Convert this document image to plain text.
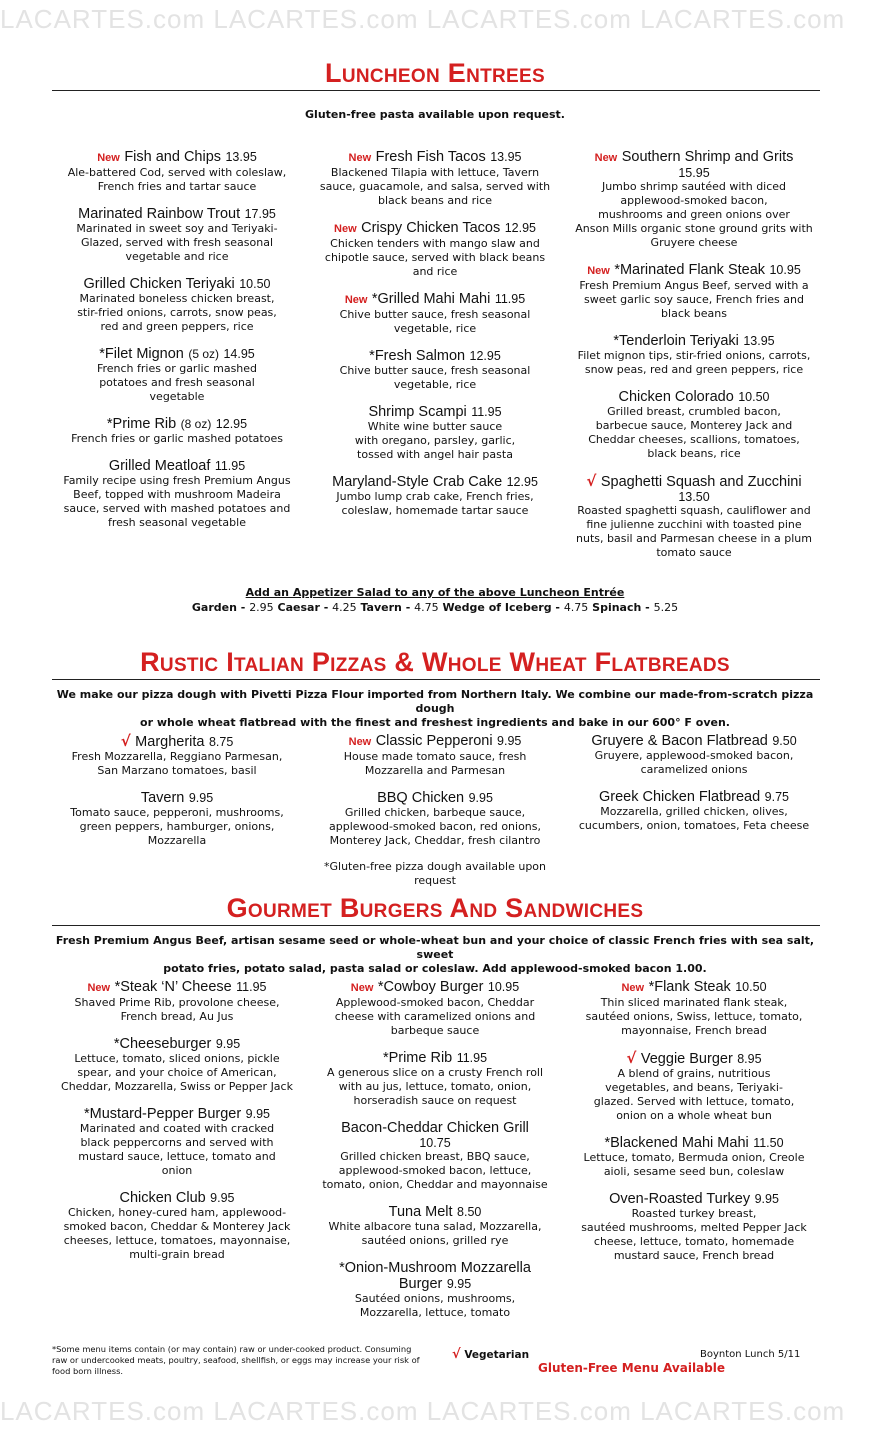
LACARTES.com LACARTES.com LACARTES.com LACARTES.com
Luncheon Entrees
Gluten-free pasta available upon request.
New Fish and Chips 13.95
Ale-battered Cod, served with coleslaw,
French fries and tartar sauce
Marinated Rainbow Trout 17.95
Marinated in sweet soy and Teriyaki-
Glazed, served with fresh seasonal
vegetable and rice
Grilled Chicken Teriyaki 10.50
Marinated boneless chicken breast,
stir-fried onions, carrots, snow peas,
red and green peppers, rice
*Filet Mignon (5 oz) 14.95
French fries or garlic mashed
potatoes and fresh seasonal
vegetable
*Prime Rib (8 oz) 12.95
French fries or garlic mashed potatoes
Grilled Meatloaf 11.95
Family recipe using fresh Premium Angus
Beef, topped with mushroom Madeira
sauce, served with mashed potatoes and
fresh seasonal vegetable
New Fresh Fish Tacos 13.95
Blackened Tilapia with lettuce, Tavern
sauce, guacamole, and salsa, served with
black beans and rice
New Crispy Chicken Tacos 12.95
Chicken tenders with mango slaw and
chipotle sauce, served with black beans
and rice
New *Grilled Mahi Mahi 11.95
Chive butter sauce, fresh seasonal
vegetable, rice
*Fresh Salmon 12.95
Chive butter sauce, fresh seasonal
vegetable, rice
Shrimp Scampi 11.95
White wine butter sauce
with oregano, parsley, garlic,
tossed with angel hair pasta
Maryland-Style Crab Cake 12.95
Jumbo lump crab cake, French fries,
coleslaw, homemade tartar sauce
New Southern Shrimp and Grits
15.95
Jumbo shrimp sautéed with diced
applewood-smoked bacon,
mushrooms and green onions over
Anson Mills organic stone ground grits with
Gruyere cheese
New *Marinated Flank Steak 10.95
Fresh Premium Angus Beef, served with a
sweet garlic soy sauce, French fries and
black beans
*Tenderloin Teriyaki 13.95
Filet mignon tips, stir-fried onions, carrots,
snow peas, red and green peppers, rice
Chicken Colorado 10.50
Grilled breast, crumbled bacon,
barbecue sauce, Monterey Jack and
Cheddar cheeses, scallions, tomatoes,
black beans, rice
√ Spaghetti Squash and Zucchini
13.50
Roasted spaghetti squash, cauliflower and
fine julienne zucchini with toasted pine
nuts, basil and Parmesan cheese in a plum
tomato sauce
Add an Appetizer Salad to any of the above Luncheon Entrée
Garden - 2.95 Caesar - 4.25 Tavern - 4.75 Wedge of Iceberg - 4.75 Spinach - 5.25
Rustic Italian Pizzas & Whole Wheat Flatbreads
We make our pizza dough with Pivetti Pizza Flour imported from Northern Italy. We combine our made-from-scratch pizza dough
or whole wheat flatbread with the finest and freshest ingredients and bake in our 600° F oven.
√ Margherita 8.75
Fresh Mozzarella, Reggiano Parmesan,
San Marzano tomatoes, basil
Tavern 9.95
Tomato sauce, pepperoni, mushrooms,
green peppers, hamburger, onions,
Mozzarella
New Classic Pepperoni 9.95
House made tomato sauce, fresh
Mozzarella and Parmesan
BBQ Chicken 9.95
Grilled chicken, barbeque sauce,
applewood-smoked bacon, red onions,
Monterey Jack, Cheddar, fresh cilantro
*Gluten-free pizza dough available upon
request
Gruyere & Bacon Flatbread 9.50
Gruyere, applewood-smoked bacon,
caramelized onions
Greek Chicken Flatbread 9.75
Mozzarella, grilled chicken, olives,
cucumbers, onion, tomatoes, Feta cheese
Gourmet Burgers And Sandwiches
Fresh Premium Angus Beef, artisan sesame seed or whole-wheat bun and your choice of classic French fries with sea salt, sweet
potato fries, potato salad, pasta salad or coleslaw. Add applewood-smoked bacon 1.00.
New *Steak ‘N’ Cheese 11.95
Shaved Prime Rib, provolone cheese,
French bread, Au Jus
*Cheeseburger 9.95
Lettuce, tomato, sliced onions, pickle
spear, and your choice of American,
Cheddar, Mozzarella, Swiss or Pepper Jack
*Mustard-Pepper Burger 9.95
Marinated and coated with cracked
black peppercorns and served with
mustard sauce, lettuce, tomato and
onion
Chicken Club 9.95
Chicken, honey-cured ham, applewood-
smoked bacon, Cheddar & Monterey Jack
cheeses, lettuce, tomatoes, mayonnaise,
multi-grain bread
New *Cowboy Burger 10.95
Applewood-smoked bacon, Cheddar
cheese with caramelized onions and
barbeque sauce
*Prime Rib 11.95
A generous slice on a crusty French roll
with au jus, lettuce, tomato, onion,
horseradish sauce on request
Bacon-Cheddar Chicken Grill
10.75
Grilled chicken breast, BBQ sauce,
applewood-smoked bacon, lettuce,
tomato, onion, Cheddar and mayonnaise
Tuna Melt 8.50
White albacore tuna salad, Mozzarella,
sautéed onions, grilled rye
*Onion-Mushroom Mozzarella
Burger 9.95
Sautéed onions, mushrooms,
Mozzarella, lettuce, tomato
New *Flank Steak 10.50
Thin sliced marinated flank steak,
sautéed onions, Swiss, lettuce, tomato,
mayonnaise, French bread
√ Veggie Burger 8.95
A blend of grains, nutritious
vegetables, and beans, Teriyaki-
glazed. Served with lettuce, tomato,
onion on a whole wheat bun
*Blackened Mahi Mahi 11.50
Lettuce, tomato, Bermuda onion, Creole
aioli, sesame seed bun, coleslaw
Oven-Roasted Turkey 9.95
Roasted turkey breast,
sautéed mushrooms, melted Pepper Jack
cheese, lettuce, tomato, homemade
mustard sauce, French bread
*Some menu items contain (or may contain) raw or under-cooked product. Consuming
raw or undercooked meats, poultry, seafood, shellfish, or eggs may increase your risk of
food born illness.
√ Vegetarian	Boynton Lunch 5/11
Gluten-Free Menu Available
LACARTES.com LACARTES.com LACARTES.com LACARTES.com
